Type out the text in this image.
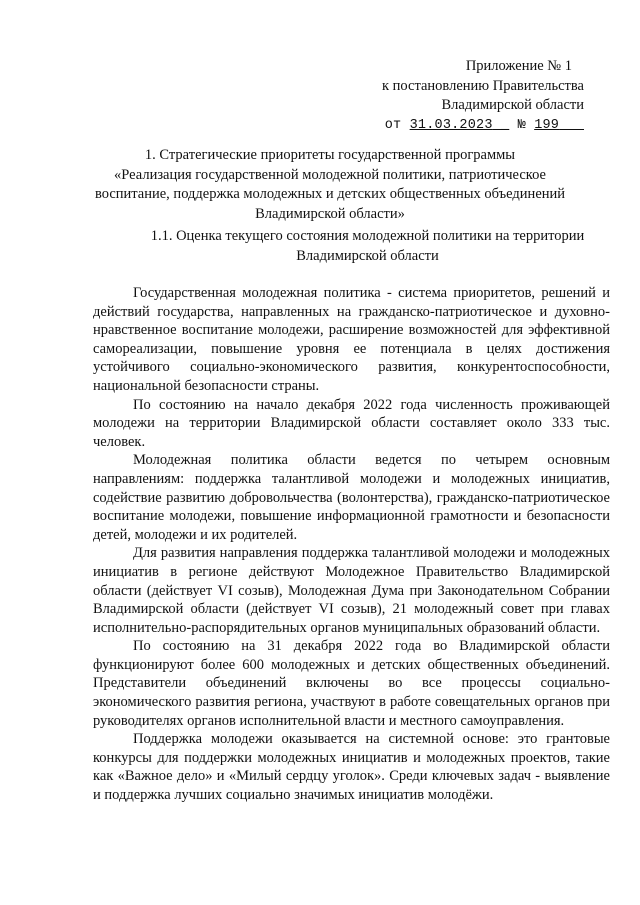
Приложение № 1
к постановлению Правительства
Владимирской области
от 31.03.2023 _ № 199
1. Стратегические приоритеты государственной программы
«Реализация государственной молодежной политики, патриотическое
воспитание, поддержка молодежных и детских общественных объединений
Владимирской области»
1.1. Оценка текущего состояния молодежной политики на территории
Владимирской области

Государственная молодежная политика - система приоритетов, решений и действий государства, направленных на гражданско-патриотическое и духовно-нравственное воспитание молодежи, расширение возможностей для эффективной самореализации, повышение уровня ее потенциала в целях достижения устойчивого социально-экономического развития, конкурентоспособности, национальной безопасности страны.

По состоянию на начало декабря 2022 года численность проживающей молодежи на территории Владимирской области составляет около 333 тыс. человек.

Молодежная политика области ведется по четырем основным направлениям: поддержка талантливой молодежи и молодежных инициатив, содействие развитию добровольчества (волонтерства), гражданско-патриотическое воспитание молодежи, повышение информационной грамотности и безопасности детей, молодежи и их родителей.

Для развития направления поддержка талантливой молодежи и молодежных инициатив в регионе действуют Молодежное Правительство Владимирской области (действует VI созыв), Молодежная Дума при Законодательном Собрании Владимирской области (действует VI созыв), 21 молодежный совет при главах исполнительно-распорядительных органов муниципальных образований области.

По состоянию на 31 декабря 2022 года во Владимирской области функционируют более 600 молодежных и детских общественных объединений. Представители объединений включены во все процессы социально-экономического развития региона, участвуют в работе совещательных органов при руководителях органов исполнительной власти и местного самоуправления.

Поддержка молодежи оказывается на системной основе: это грантовые конкурсы для поддержки молодежных инициатив и молодежных проектов, такие как «Важное дело» и «Милый сердцу уголок». Среди ключевых задач - выявление и поддержка лучших социально значимых инициатив молодёжи.
